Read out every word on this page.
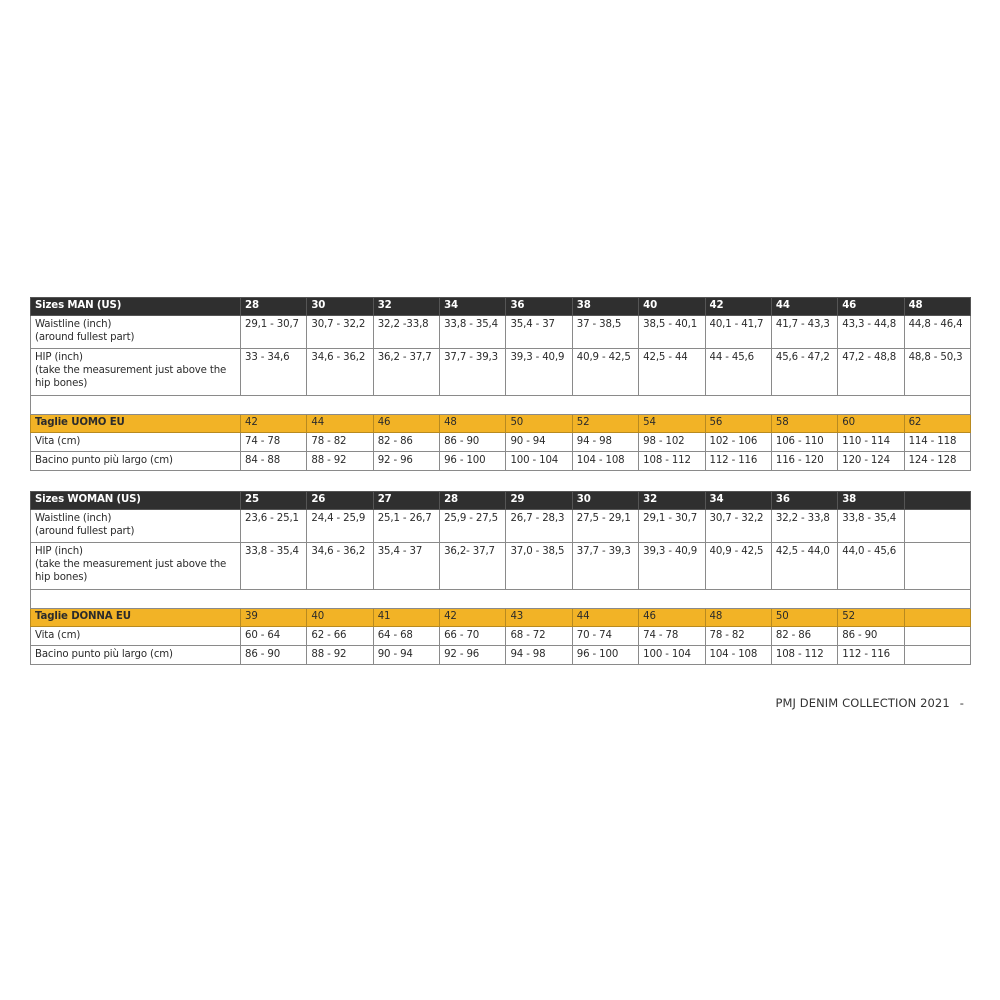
Sizes MAN (US)	28	30	32	34	36	38	40	42	44	46	48
Waistline (inch)
(around fullest part)	29,1 - 30,7	30,7 - 32,2	32,2 -33,8	33,8 - 35,4	35,4 - 37	37 - 38,5	38,5 - 40,1	40,1 - 41,7	41,7 - 43,3	43,3 - 44,8	44,8 - 46,4
HIP (inch)
(take the measurement just above the hip bones)	33 - 34,6	34,6 - 36,2	36,2 - 37,7	37,7 - 39,3	39,3 - 40,9	40,9 - 42,5	42,5 - 44	44 - 45,6	45,6 - 47,2	47,2 - 48,8	48,8 - 50,3

Taglie UOMO EU	42	44	46	48	50	52	54	56	58	60	62
Vita (cm)	74 - 78	78 - 82	82 - 86	86 - 90	90 - 94	94 - 98	98 - 102	102 - 106	106 - 110	110 - 114	114 - 118
Bacino punto più largo (cm)	84 - 88	88 - 92	92 - 96	96 - 100	100 - 104	104 - 108	108 - 112	112 - 116	116 - 120	120 - 124	124 - 128

Sizes WOMAN (US)	25	26	27	28	29	30	32	34	36	38	
Waistline (inch)
(around fullest part)	23,6 - 25,1	24,4 - 25,9	25,1 - 26,7	25,9 - 27,5	26,7 - 28,3	27,5 - 29,1	29,1 - 30,7	30,7 - 32,2	32,2 - 33,8	33,8 - 35,4	
HIP (inch)
(take the measurement just above the hip bones)	33,8 - 35,4	34,6 - 36,2	35,4 - 37	36,2- 37,7	37,0 - 38,5	37,7 - 39,3	39,3 - 40,9	40,9 - 42,5	42,5 - 44,0	44,0 - 45,6	

Taglie DONNA EU	39	40	41	42	43	44	46	48	50	52	
Vita (cm)	60 - 64	62 - 66	64 - 68	66 - 70	68 - 72	70 - 74	74 - 78	78 - 82	82 - 86	86 - 90	
Bacino punto più largo (cm)	86 - 90	88 - 92	90 - 94	92 - 96	94 - 98	96 - 100	100 - 104	104 - 108	108 - 112	112 - 116	
PMJ DENIM COLLECTION 2021 -
